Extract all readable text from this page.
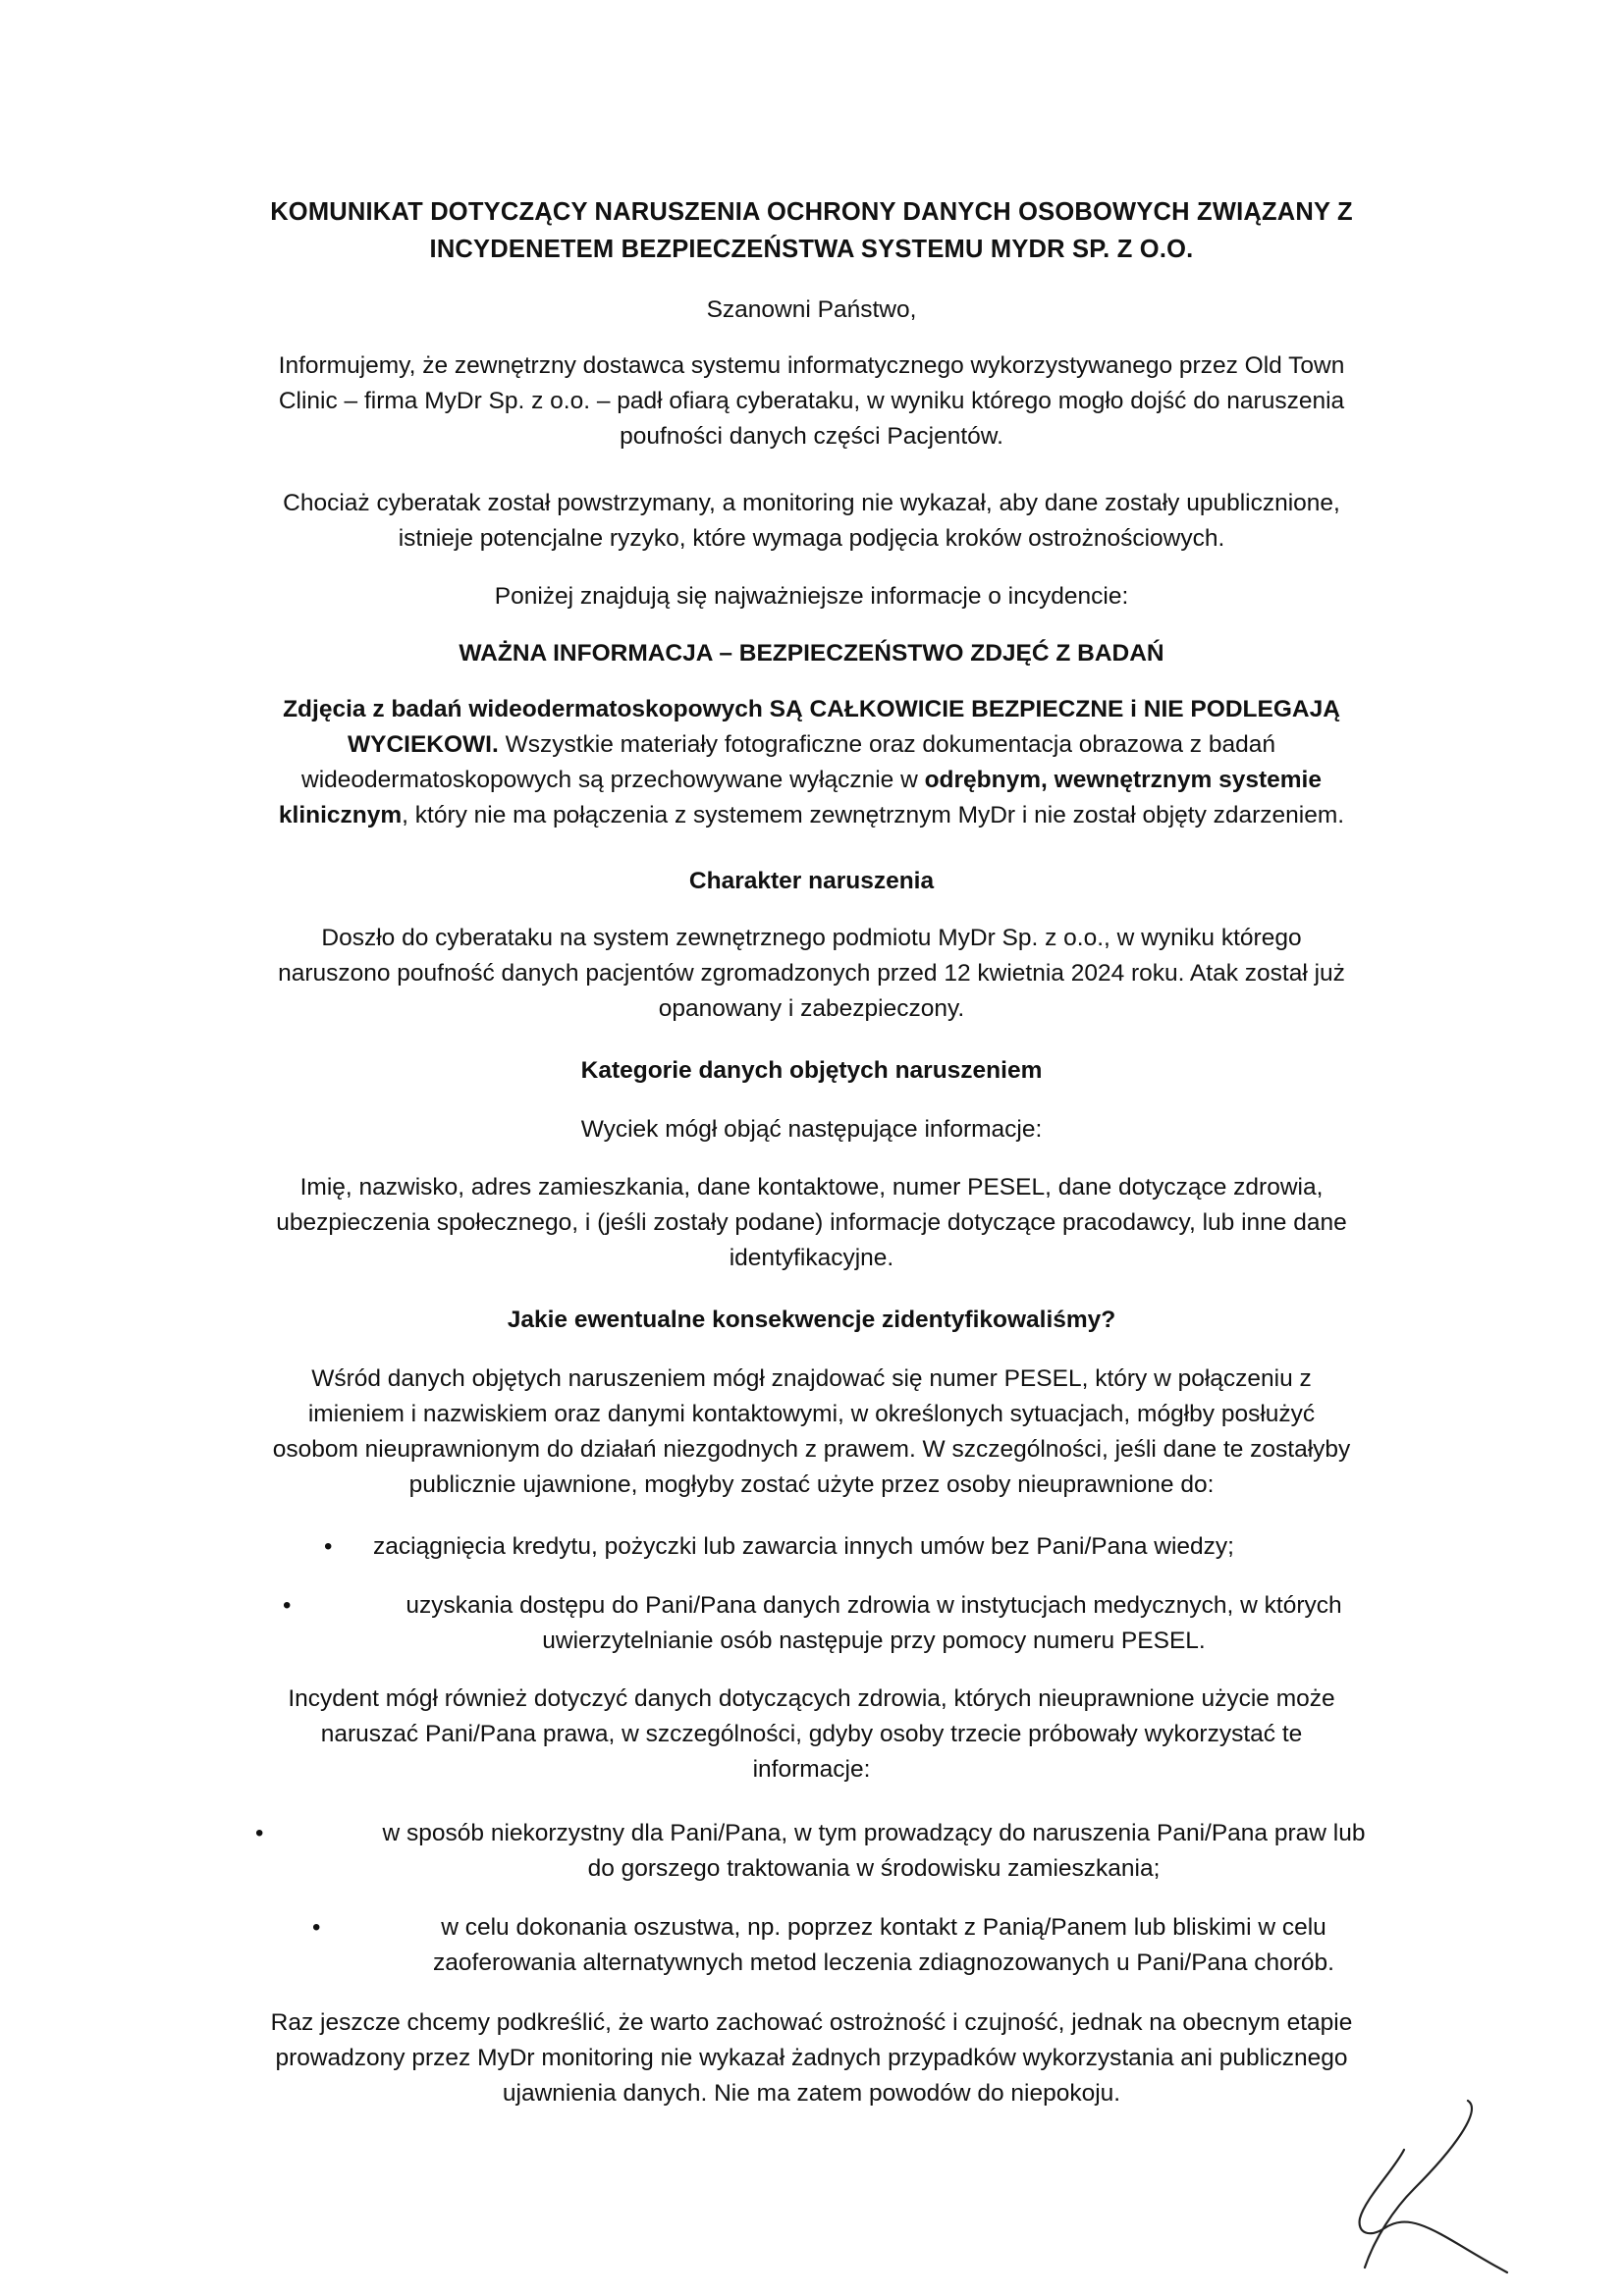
KOMUNIKAT DOTYCZĄCY NARUSZENIA OCHRONY DANYCH OSOBOWYCH ZWIĄZANY Z
INCYDENETEM BEZPIECZEŃSTWA SYSTEMU MYDR SP. Z O.O.

Szanowni Państwo,

Informujemy, że zewnętrzny dostawca systemu informatycznego wykorzystywanego przez Old Town
Clinic – firma MyDr Sp. z o.o. – padł ofiarą cyberataku, w wyniku którego mogło dojść do naruszenia
poufności danych części Pacjentów.

Chociaż cyberatak został powstrzymany, a monitoring nie wykazał, aby dane zostały upublicznione,
istnieje potencjalne ryzyko, które wymaga podjęcia kroków ostrożnościowych.

Poniżej znajdują się najważniejsze informacje o incydencie:

WAŻNA INFORMACJA – BEZPIECZEŃSTWO ZDJĘĆ Z BADAŃ

Zdjęcia z badań wideodermatoskopowych SĄ CAŁKOWICIE BEZPIECZNE i NIE PODLEGAJĄ
WYCIEKOWI. Wszystkie materiały fotograficzne oraz dokumentacja obrazowa z badań
wideodermatoskopowych są przechowywane wyłącznie w odrębnym, wewnętrznym systemie
klinicznym, który nie ma połączenia z systemem zewnętrznym MyDr i nie został objęty zdarzeniem.

Charakter naruszenia

Doszło do cyberataku na system zewnętrznego podmiotu MyDr Sp. z o.o., w wyniku którego
naruszono poufność danych pacjentów zgromadzonych przed 12 kwietnia 2024 roku. Atak został już
opanowany i zabezpieczony.

Kategorie danych objętych naruszeniem

Wyciek mógł objąć następujące informacje:

Imię, nazwisko, adres zamieszkania, dane kontaktowe, numer PESEL, dane dotyczące zdrowia,
ubezpieczenia społecznego, i (jeśli zostały podane) informacje dotyczące pracodawcy, lub inne dane
identyfikacyjne.

Jakie ewentualne konsekwencje zidentyfikowaliśmy?

Wśród danych objętych naruszeniem mógł znajdować się numer PESEL, który w połączeniu z
imieniem i nazwiskiem oraz danymi kontaktowymi, w określonych sytuacjach, mógłby posłużyć
osobom nieuprawnionym do działań niezgodnych z prawem. W szczególności, jeśli dane te zostałyby
publicznie ujawnione, mogłyby zostać użyte przez osoby nieuprawnione do:

• zaciągnięcia kredytu, pożyczki lub zawarcia innych umów bez Pani/Pana wiedzy;

•	uzyskania dostępu do Pani/Pana danych zdrowia w instytucjach medycznych, w których
uwierzytelnianie osób następuje przy pomocy numeru PESEL.

Incydent mógł również dotyczyć danych dotyczących zdrowia, których nieuprawnione użycie może
naruszać Pani/Pana prawa, w szczególności, gdyby osoby trzecie próbowały wykorzystać te
informacje:

•	w sposób niekorzystny dla Pani/Pana, w tym prowadzący do naruszenia Pani/Pana praw lub
do gorszego traktowania w środowisku zamieszkania;

•	w celu dokonania oszustwa, np. poprzez kontakt z Panią/Panem lub bliskimi w celu
zaoferowania alternatywnych metod leczenia zdiagnozowanych u Pani/Pana chorób.

Raz jeszcze chcemy podkreślić, że warto zachować ostrożność i czujność, jednak na obecnym etapie
prowadzony przez MyDr monitoring nie wykazał żadnych przypadków wykorzystania ani publicznego
ujawnienia danych. Nie ma zatem powodów do niepokoju.
